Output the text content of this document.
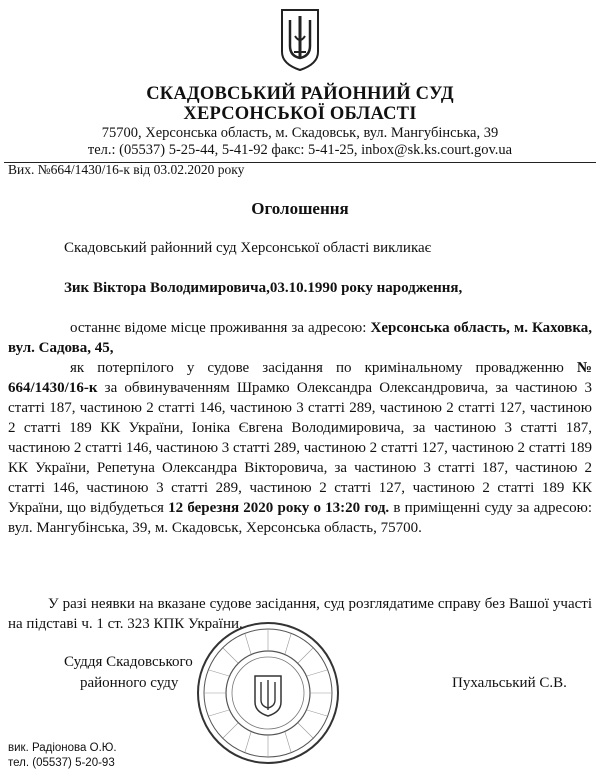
СКАДОВСЬКИЙ РАЙОННИЙ СУД
ХЕРСОНСЬКОЇ ОБЛАСТІ
75700, Херсонська область, м. Скадовськ, вул. Мангубінська, 39
тел.: (05537) 5-25-44, 5-41-92 факс: 5-41-25, inbox@sk.ks.court.gov.ua
Вих. №664/1430/16-к від 03.02.2020 року
Оголошення
Скадовський районний суд Херсонської області викликає
Зик Віктора Володимировича,03.10.1990 року народження,
останнє відоме місце проживання за адресою: Херсонська область, м. Каховка, вул. Садова, 45,
як потерпілого у судове засідання по кримінальному провадженню № 664/1430/16-к за обвинуваченням Шрамко Олександра Олександровича, за частиною 3 статті 187, частиною 2 статті 146, частиною 3 статті 289, частиною 2 статті 127, частиною 2 статті 189 КК України, Іоніка Євгена Володимировича, за частиною 3 статті 187, частиною 2 статті 146, частиною 3 статті 289, частиною 2 статті 127, частиною 2 статті 189 КК України, Репетуна Олександра Вікторовича, за частиною 3 статті 187, частиною 2 статті 146, частиною 3 статті 289, частиною 2 статті 127, частиною 2 статті 189 КК України, що відбудеться 12 березня 2020 року о 13:20 год. в приміщенні суду за адресою: вул. Мангубінська, 39, м. Скадовськ, Херсонська область, 75700.
У разі неявки на вказане судове засідання, суд розглядатиме справу без Вашої участі на підставі ч. 1 ст. 323 КПК України.
Суддя Скадовського
районного суду	Пухальський С.В.
вик. Радіонова О.Ю.
тел. (05537) 5-20-93
